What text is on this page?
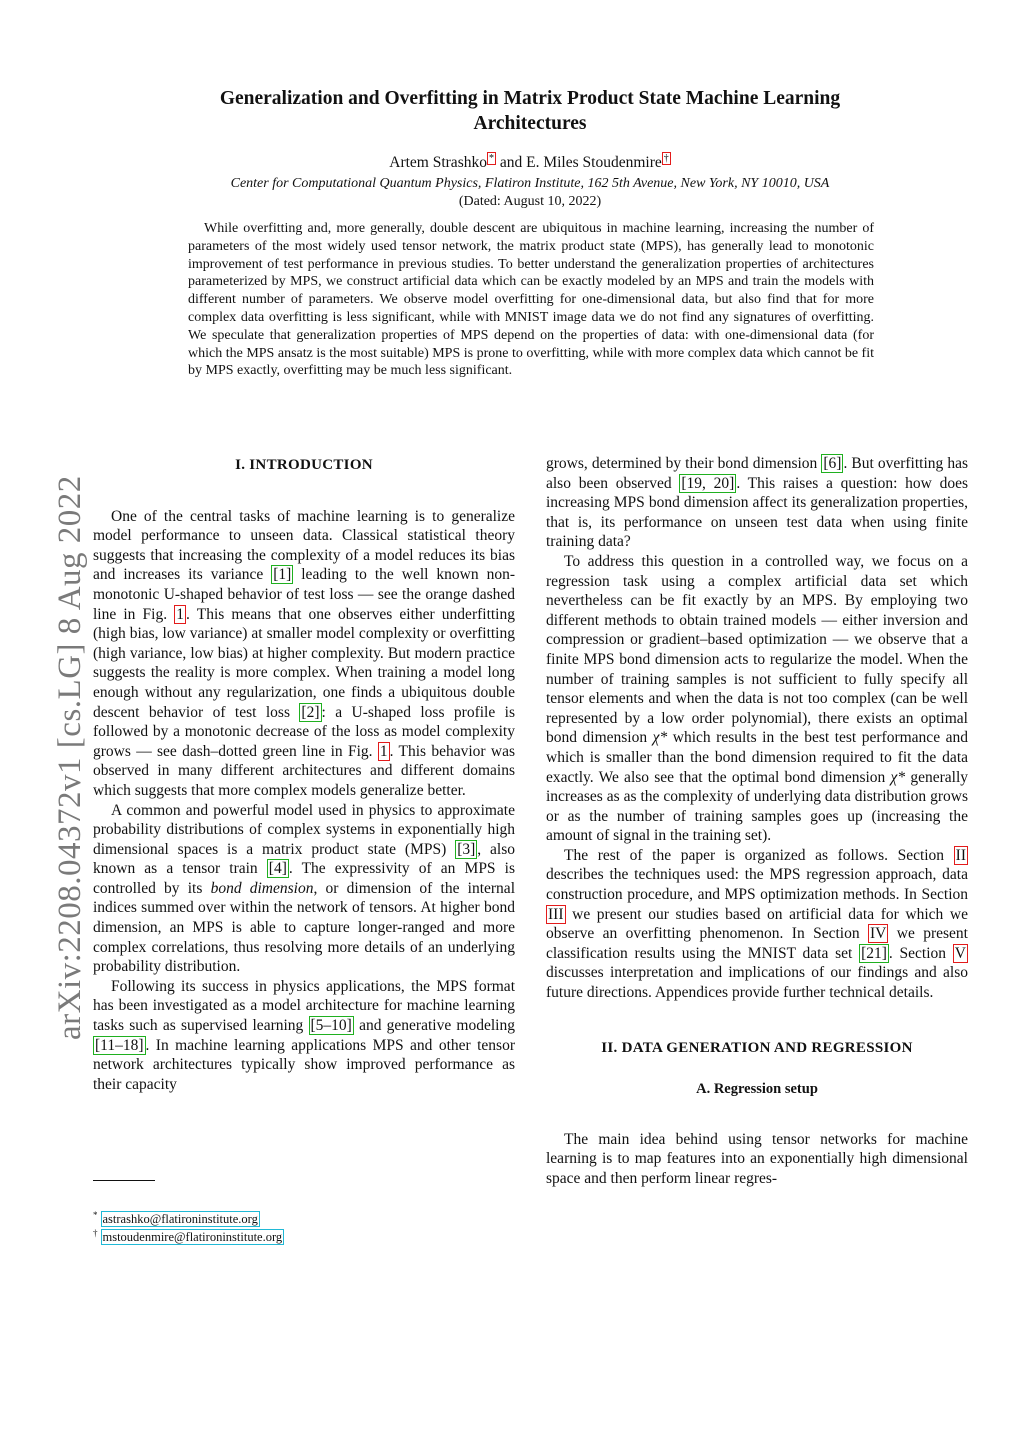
arXiv:2208.04372v1 [cs.LG] 8 Aug 2022
Generalization and Overfitting in Matrix Product State Machine Learning
Architectures
Artem Strashko * and E. Miles Stoudenmire †
Center for Computational Quantum Physics, Flatiron Institute, 162 5th Avenue, New York, NY 10010, USA
(Dated: August 10, 2022)
While overfitting and, more generally, double descent are ubiquitous in machine learning, increasing the number of parameters of the most widely used tensor network, the matrix product state (MPS), has generally lead to monotonic improvement of test performance in previous studies. To better understand the generalization properties of architectures parameterized by MPS, we construct artificial data which can be exactly modeled by an MPS and train the models with different number of parameters. We observe model overfitting for one-dimensional data, but also find that for more complex data overfitting is less significant, while with MNIST image data we do not find any signatures of overfitting. We speculate that generalization properties of MPS depend on the properties of data: with one-dimensional data (for which the MPS ansatz is the most suitable) MPS is prone to overfitting, while with more complex data which cannot be fit by MPS exactly, overfitting may be much less significant.
I. INTRODUCTION

One of the central tasks of machine learning is to generalize model performance to unseen data. Classical statistical theory suggests that increasing the complexity of a model reduces its bias and increases its variance [1] leading to the well known non-monotonic U-shaped behavior of test loss — see the orange dashed line in Fig. 1 . This means that one observes either underfitting (high bias, low variance) at smaller model complexity or overfitting (high variance, low bias) at higher complexity. But modern practice suggests the reality is more complex. When training a model long enough without any regularization, one finds a ubiquitous double descent behavior of test loss [2] : a U-shaped loss profile is followed by a monotonic decrease of the loss as model complexity grows — see dash–dotted green line in Fig. 1 . This behavior was observed in many different architectures and different domains which suggests that more complex models generalize better.

A common and powerful model used in physics to approximate probability distributions of complex systems in exponentially high dimensional spaces is a matrix product state (MPS) [3] , also known as a tensor train [4] . The expressivity of an MPS is controlled by its bond dimension, or dimension of the internal indices summed over within the network of tensors. At higher bond dimension, an MPS is able to capture longer-ranged and more complex correlations, thus resolving more details of an underlying probability distribution.

Following its success in physics applications, the MPS format has been investigated as a model architecture for machine learning tasks such as supervised learning [5–10] and generative modeling [11–18] . In machine learning applications MPS and other tensor network architectures typically show improved performance as their capacity

* astrashko@flatironinstitute.org
† mstoudenmire@flatironinstitute.org

grows, determined by their bond dimension [6] . But overfitting has also been observed [19, 20] . This raises a question: how does increasing MPS bond dimension affect its generalization properties, that is, its performance on unseen test data when using finite training data?

To address this question in a controlled way, we focus on a regression task using a complex artificial data set which nevertheless can be fit exactly by an MPS. By employing two different methods to obtain trained models — either inversion and compression or gradient–based optimization — we observe that a finite MPS bond dimension acts to regularize the model. When the number of training samples is not sufficient to fully specify all tensor elements and when the data is not too complex (can be well represented by a low order polynomial), there exists an optimal bond dimension χ* which results in the best test performance and which is smaller than the bond dimension required to fit the data exactly. We also see that the optimal bond dimension χ* generally increases as as the complexity of underlying data distribution grows or as the number of training samples goes up (increasing the amount of signal in the training set).

The rest of the paper is organized as follows. Section II describes the techniques used: the MPS regression approach, data construction procedure, and MPS optimization methods. In Section III we present our studies based on artificial data for which we observe an overfitting phenomenon. In Section IV we present classification results using the MNIST data set [21] . Section V discusses interpretation and implications of our findings and also future directions. Appendices provide further technical details.

II. DATA GENERATION AND REGRESSION
A. Regression setup

The main idea behind using tensor networks for machine learning is to map features into an exponentially high dimensional space and then perform linear regres-
